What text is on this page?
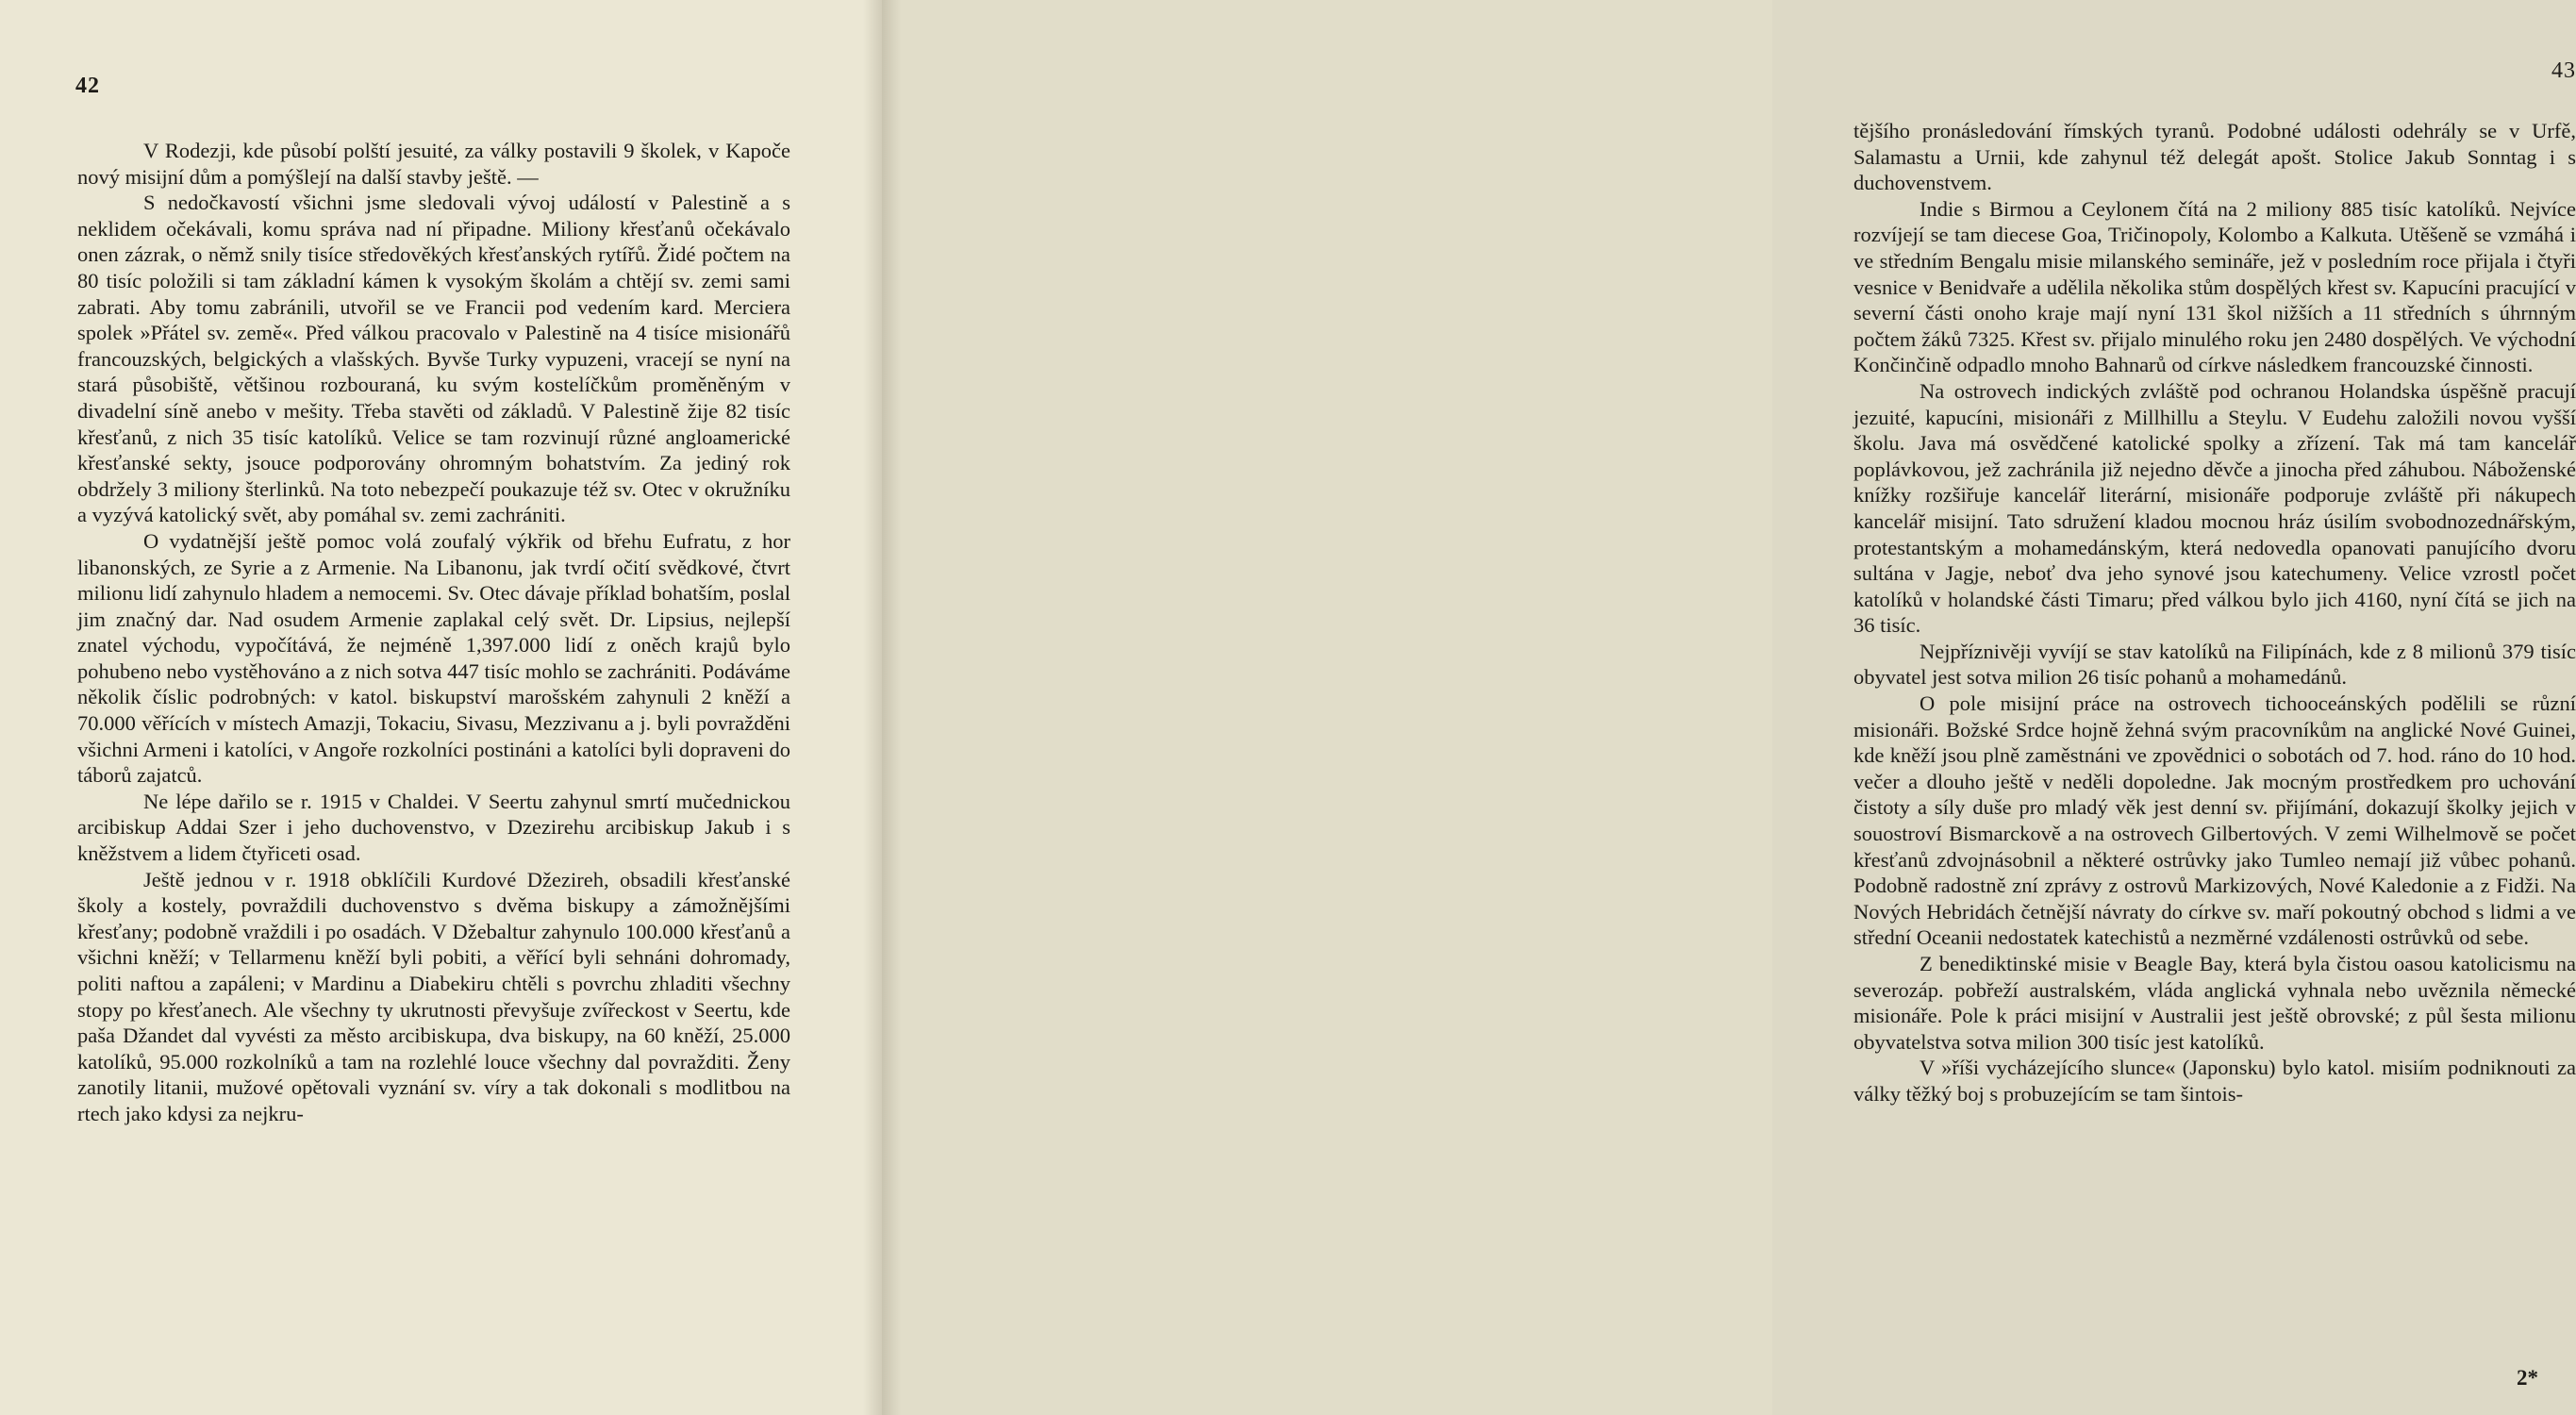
42

V Rodezji, kde působí polští jesuité, za války postavili 9 školek, v Kapoče nový misijní dům a pomýšlejí na další stavby ještě. —

S nedočkavostí všichni jsme sledovali vývoj událostí v Palestině a s neklidem očekávali, komu správa nad ní připadne. Miliony křesťanů očekávalo onen zázrak, o němž snily tisíce středověkých křesťanských rytířů. Židé počtem na 80 tisíc položili si tam základní kámen k vysokým školám a chtějí sv. zemi sami zabrati. Aby tomu zabránili, utvořil se ve Francii pod vedením kard. Merciera spolek »Přátel sv. země«. Před válkou pracovalo v Palestině na 4 tisíce misionářů francouzských, belgických a vlašských. Byvše Turky vypuzeni, vracejí se nyní na stará působiště, většinou rozbouraná, ku svým kostelíčkům proměněným v divadelní síně anebo v mešity. Třeba stavěti od základů. V Palestině žije 82 tisíc křesťanů, z nich 35 tisíc katolíků. Velice se tam rozvinují různé angloamerické křesťanské sekty, jsouce podporovány ohromným bohatstvím. Za jediný rok obdržely 3 miliony šterlinků. Na toto nebezpečí poukazuje též sv. Otec v okružníku a vyzývá katolický svět, aby pomáhal sv. zemi zachrániti.

O vydatnější ještě pomoc volá zoufalý výkřik od břehu Eufratu, z hor libanonských, ze Syrie a z Armenie. Na Libanonu, jak tvrdí očití svědkové, čtvrt milionu lidí zahynulo hladem a nemocemi. Sv. Otec dávaje příklad bohatším, poslal jim značný dar. Nad osudem Armenie zaplakal celý svět. Dr. Lipsius, nejlepší znatel východu, vypočítává, že nejméně 1,397.000 lidí z oněch krajů bylo pohubeno nebo vystěhováno a z nich sotva 447 tisíc mohlo se zachrániti. Podáváme několik číslic podrobných: v katol. biskupství marošském zahynuli 2 kněží a 70.000 věřících v místech Amazji, Tokaciu, Sivasu, Mezzivanu a j. byli povražděni všichni Armeni i katolíci, v Angoře rozkolníci postináni a katolíci byli dopraveni do táborů zajatců.

Ne lépe dařilo se r. 1915 v Chaldei. V Seertu zahynul smrtí mučednickou arcibiskup Addai Szer i jeho duchovenstvo, v Dzezirehu arcibiskup Jakub i s kněžstvem a lidem čtyřiceti osad.

Ještě jednou v r. 1918 obklíčili Kurdové Džezireh, obsadili křesťanské školy a kostely, povraždili duchovenstvo s dvěma biskupy a zámožnějšími křesťany; podobně vraždili i po osadách. V Džebaltur zahynulo 100.000 křesťanů a všichni kněží; v Tellarmenu kněží byli pobiti, a věřící byli sehnáni dohromady, politi naftou a zapáleni; v Mardinu a Diabekiru chtěli s povrchu zhladiti všechny stopy po křesťanech. Ale všechny ty ukrutnosti převyšuje zvířeckost v Seertu, kde paša Džandet dal vyvésti za město arcibiskupa, dva biskupy, na 60 kněží, 25.000 katolíků, 95.000 rozkolníků a tam na rozlehlé louce všechny dal povražditi. Ženy zanotily litanii, mužové opětovali vyznání sv. víry a tak dokonali s modlitbou na rtech jako kdysi za nejkru-

43

tějšího pronásledování římských tyranů. Podobné události odehrály se v Urfě, Salamastu a Urnii, kde zahynul též delegát apošt. Stolice Jakub Sonntag i s duchovenstvem.

Indie s Birmou a Ceylonem čítá na 2 miliony 885 tisíc katolíků. Nejvíce rozvíjejí se tam diecese Goa, Tričinopoly, Kolombo a Kalkuta. Utěšeně se vzmáhá i ve středním Bengalu misie milanského semináře, jež v posledním roce přijala i čtyři vesnice v Benidvaře a udělila několika stům dospělých křest sv. Kapucíni pracující v severní části onoho kraje mají nyní 131 škol nižších a 11 středních s úhrnným počtem žáků 7325. Křest sv. přijalo minulého roku jen 2480 dospělých. Ve východní Končinčině odpadlo mnoho Bahnarů od církve následkem francouzské činnosti.

Na ostrovech indických zvláště pod ochranou Holandska úspěšně pracují jezuité, kapucíni, misionáři z Millhillu a Steylu. V Eudehu založili novou vyšší školu. Java má osvědčené katolické spolky a zřízení. Tak má tam kancelář poplávkovou, jež zachránila již nejedno děvče a jinocha před záhubou. Náboženské knížky rozšiřuje kancelář literární, misionáře podporuje zvláště při nákupech kancelář misijní. Tato sdružení kladou mocnou hráz úsilím svobodnozednářským, protestantským a mohamedánským, která nedovedla opanovati panujícího dvoru sultána v Jagje, neboť dva jeho synové jsou katechumeny. Velice vzrostl počet katolíků v holandské části Timaru; před válkou bylo jich 4160, nyní čítá se jich na 36 tisíc.

Nejpříznivěji vyvíjí se stav katolíků na Filipínách, kde z 8 milionů 379 tisíc obyvatel jest sotva milion 26 tisíc pohanů a mohamedánů.

O pole misijní práce na ostrovech tichooceánských podělili se různí misionáři. Božské Srdce hojně žehná svým pracovníkům na anglické Nové Guinei, kde kněží jsou plně zaměstnáni ve zpovědnici o sobotách od 7. hod. ráno do 10 hod. večer a dlouho ještě v neděli dopoledne. Jak mocným prostředkem pro uchování čistoty a síly duše pro mladý věk jest denní sv. přijímání, dokazují školky jejich v souostroví Bismarckově a na ostrovech Gilbertových. V zemi Wilhelmově se počet křesťanů zdvojnásobnil a některé ostrůvky jako Tumleo nemají již vůbec pohanů. Podobně radostně zní zprávy z ostrovů Markizových, Nové Kaledonie a z Fidži. Na Nových Hebridách četnější návraty do církve sv. maří pokoutný obchod s lidmi a ve střední Oceanii nedostatek katechistů a nezměrné vzdálenosti ostrůvků od sebe.

Z benediktinské misie v Beagle Bay, která byla čistou oasou katolicismu na severozáp. pobřeží australském, vláda anglická vyhnala nebo uvěznila německé misionáře. Pole k práci misijní v Australii jest ještě obrovské; z půl šesta milionu obyvatelstva sotva milion 300 tisíc jest katolíků.

V »říši vycházejícího slunce« (Japonsku) bylo katol. misiím podniknouti za války těžký boj s probuzejícím se tam šintois-

2*
